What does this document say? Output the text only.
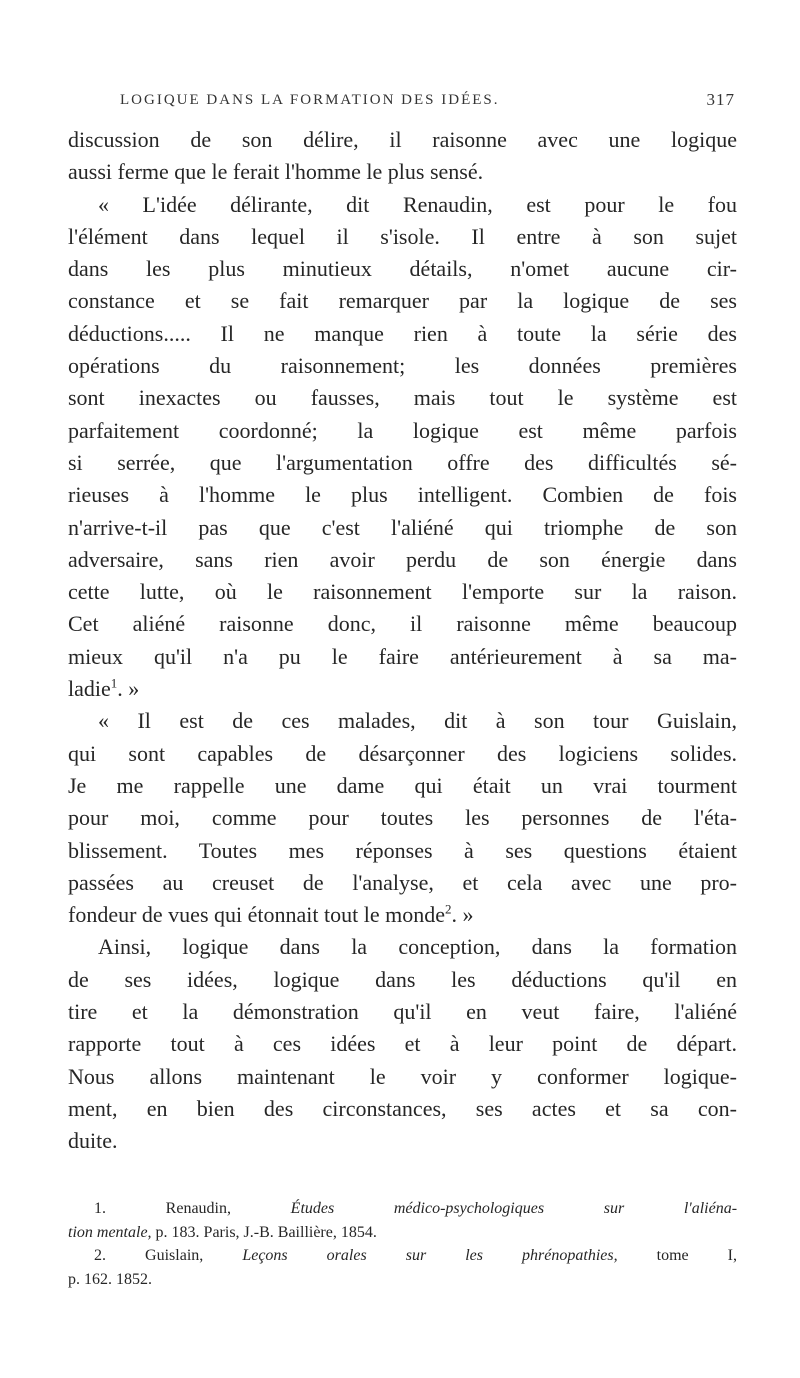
LOGIQUE DANS LA FORMATION DES IDÉES.	317

discussion de son délire, il raisonne avec une logique
aussi ferme que le ferait l'homme le plus sensé.

« L'idée délirante, dit Renaudin, est pour le fou
l'élément dans lequel il s'isole. Il entre à son sujet
dans les plus minutieux détails, n'omet aucune cir-
constance et se fait remarquer par la logique de ses
déductions..... Il ne manque rien à toute la série des
opérations du raisonnement; les données premières
sont inexactes ou fausses, mais tout le système est
parfaitement coordonné; la logique est même parfois
si serrée, que l'argumentation offre des difficultés sé-
rieuses à l'homme le plus intelligent. Combien de fois
n'arrive-t-il pas que c'est l'aliéné qui triomphe de son
adversaire, sans rien avoir perdu de son énergie dans
cette lutte, où le raisonnement l'emporte sur la raison.
Cet aliéné raisonne donc, il raisonne même beaucoup
mieux qu'il n'a pu le faire antérieurement à sa ma-
ladie$^1$. »

« Il est de ces malades, dit à son tour Guislain,
qui sont capables de désarçonner des logiciens solides.
Je me rappelle une dame qui était un vrai tourment
pour moi, comme pour toutes les personnes de l'éta-
blissement. Toutes mes réponses à ses questions étaient
passées au creuset de l'analyse, et cela avec une pro-
fondeur de vues qui étonnait tout le monde$^2$. »

Ainsi, logique dans la conception, dans la formation
de ses idées, logique dans les déductions qu'il en
tire et la démonstration qu'il en veut faire, l'aliéné
rapporte tout à ces idées et à leur point de départ.
Nous allons maintenant le voir y conformer logique-
ment, en bien des circonstances, ses actes et sa con-
duite.

1.	Renaudin,	Études médico-psychologiques sur l'aliéna-
tion mentale, p. 183. Paris, J.-B. Baillière, 1854.
2. Guislain, Leçons orales sur les phrénopathies, tome I,
p. 162. 1852.
